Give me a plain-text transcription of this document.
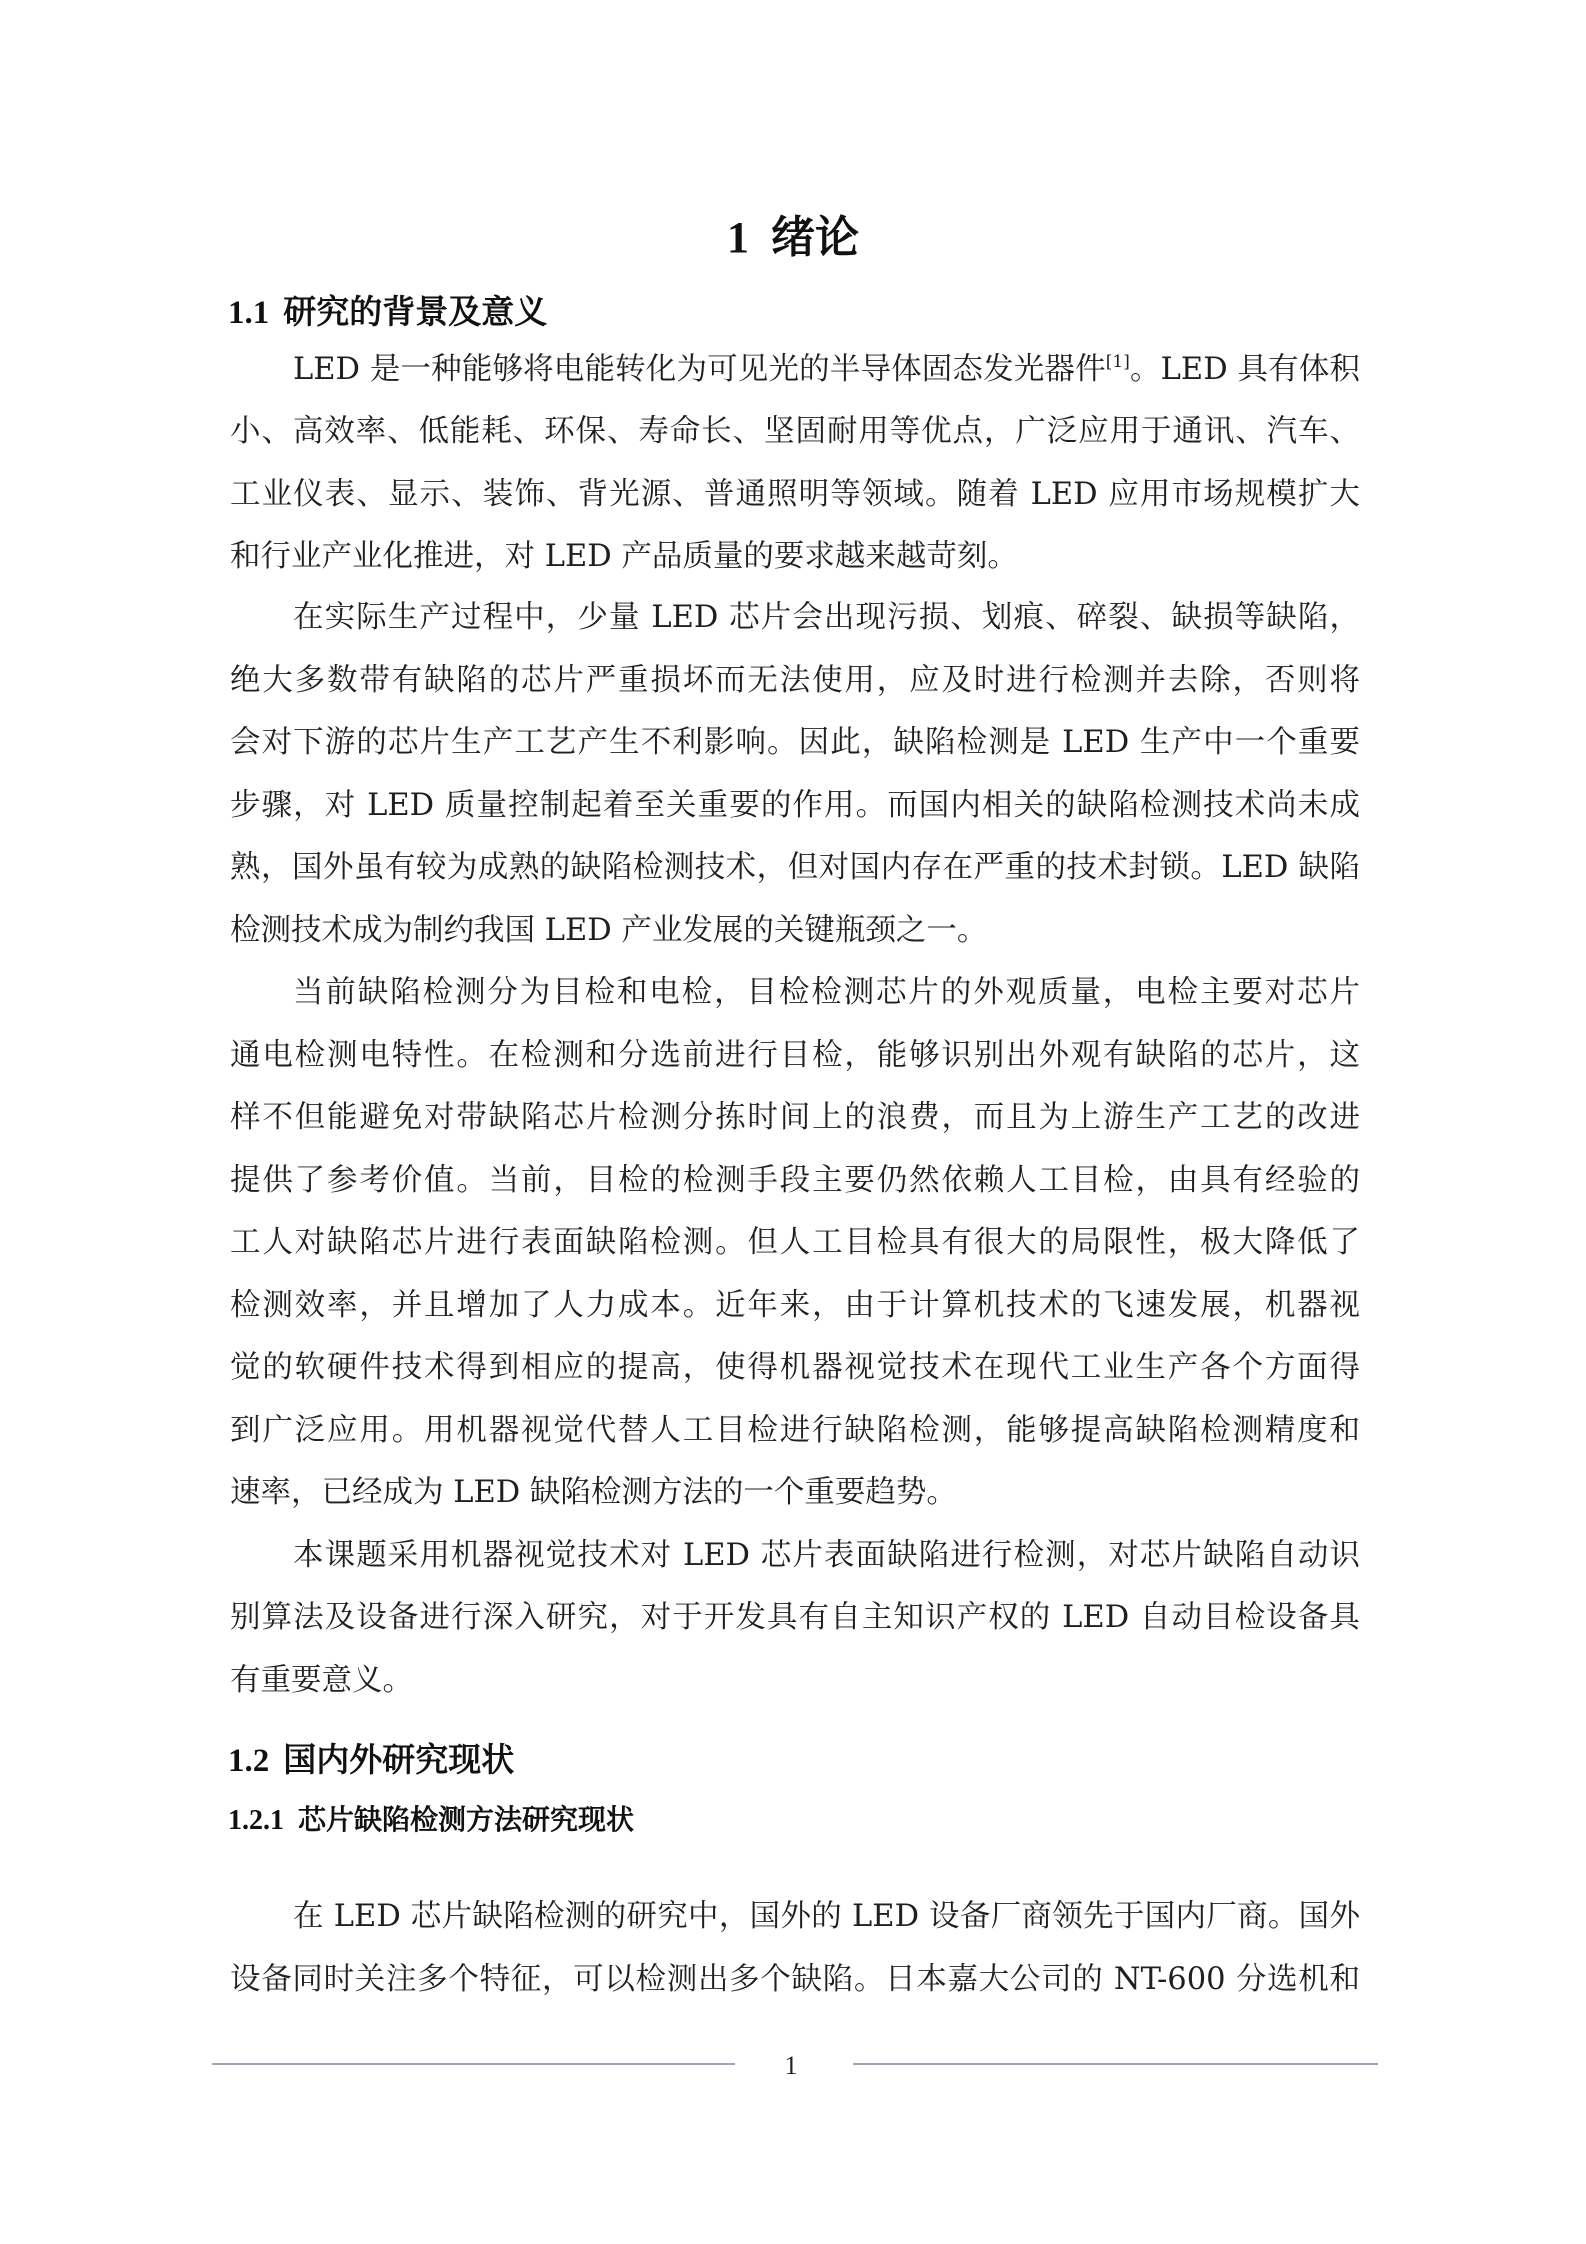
1 绪论
1.1 研究的背景及意义
LED 是一种能够将电能转化为可见光的半导体固态发光器件[1]。LED 具有体积
小、高效率、低能耗、环保、寿命长、坚固耐用等优点，广泛应用于通讯、汽车、
工业仪表、显示、装饰、背光源、普通照明等领域。随着 LED 应用市场规模扩大
和行业产业化推进，对 LED 产品质量的要求越来越苛刻。
在实际生产过程中，少量 LED 芯片会出现污损、划痕、碎裂、缺损等缺陷，
绝大多数带有缺陷的芯片严重损坏而无法使用，应及时进行检测并去除，否则将
会对下游的芯片生产工艺产生不利影响。因此，缺陷检测是 LED 生产中一个重要
步骤，对 LED 质量控制起着至关重要的作用。而国内相关的缺陷检测技术尚未成
熟，国外虽有较为成熟的缺陷检测技术，但对国内存在严重的技术封锁。LED 缺陷
检测技术成为制约我国 LED 产业发展的关键瓶颈之一。
当前缺陷检测分为目检和电检，目检检测芯片的外观质量，电检主要对芯片
通电检测电特性。在检测和分选前进行目检，能够识别出外观有缺陷的芯片，这
样不但能避免对带缺陷芯片检测分拣时间上的浪费，而且为上游生产工艺的改进
提供了参考价值。当前，目检的检测手段主要仍然依赖人工目检，由具有经验的
工人对缺陷芯片进行表面缺陷检测。但人工目检具有很大的局限性，极大降低了
检测效率，并且增加了人力成本。近年来，由于计算机技术的飞速发展，机器视
觉的软硬件技术得到相应的提高，使得机器视觉技术在现代工业生产各个方面得
到广泛应用。用机器视觉代替人工目检进行缺陷检测，能够提高缺陷检测精度和
速率，已经成为 LED 缺陷检测方法的一个重要趋势。
本课题采用机器视觉技术对 LED 芯片表面缺陷进行检测，对芯片缺陷自动识
别算法及设备进行深入研究，对于开发具有自主知识产权的 LED 自动目检设备具
有重要意义。
1.2 国内外研究现状
1.2.1 芯片缺陷检测方法研究现状
在 LED 芯片缺陷检测的研究中，国外的 LED 设备厂商领先于国内厂商。国外
设备同时关注多个特征，可以检测出多个缺陷。日本嘉大公司的 NT-600 分选机和
1
